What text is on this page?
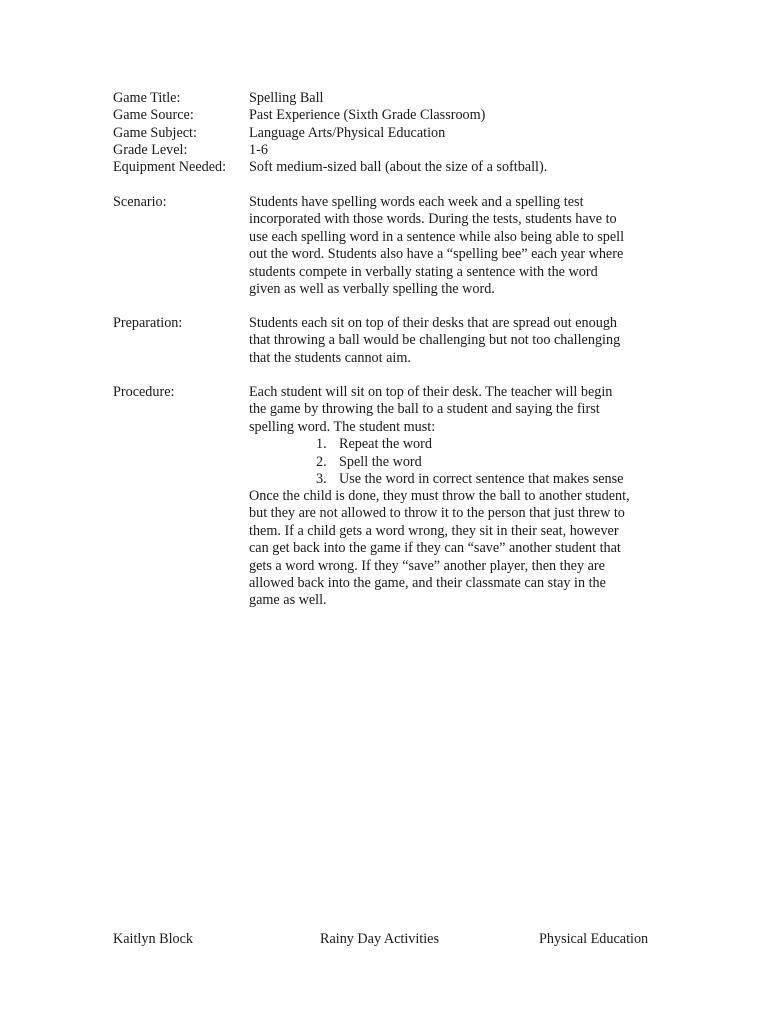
Game Title:	Spelling Ball
Game Source:	Past Experience (Sixth Grade Classroom)
Game Subject:	Language Arts/Physical Education
Grade Level:	1-6
Equipment Needed: Soft medium-sized ball (about the size of a softball).
Scenario:	Students have spelling words each week and a spelling test
incorporated with those words. During the tests, students have to
use each spelling word in a sentence while also being able to spell
out the word. Students also have a “spelling bee” each year where
students compete in verbally stating a sentence with the word
given as well as verbally spelling the word.
Preparation:	Students each sit on top of their desks that are spread out enough
that throwing a ball would be challenging but not too challenging
that the students cannot aim.
Procedure:	Each student will sit on top of their desk. The teacher will begin
the game by throwing the ball to a student and saying the first
spelling word. The student must:
1. Repeat the word
2. Spell the word
3. Use the word in correct sentence that makes sense
Once the child is done, they must throw the ball to another student,
but they are not allowed to throw it to the person that just threw to
them. If a child gets a word wrong, they sit in their seat, however
can get back into the game if they can “save” another student that
gets a word wrong. If they “save” another player, then they are
allowed back into the game, and their classmate can stay in the
game as well.
Kaitlyn Block	Rainy Day Activities	Physical Education
